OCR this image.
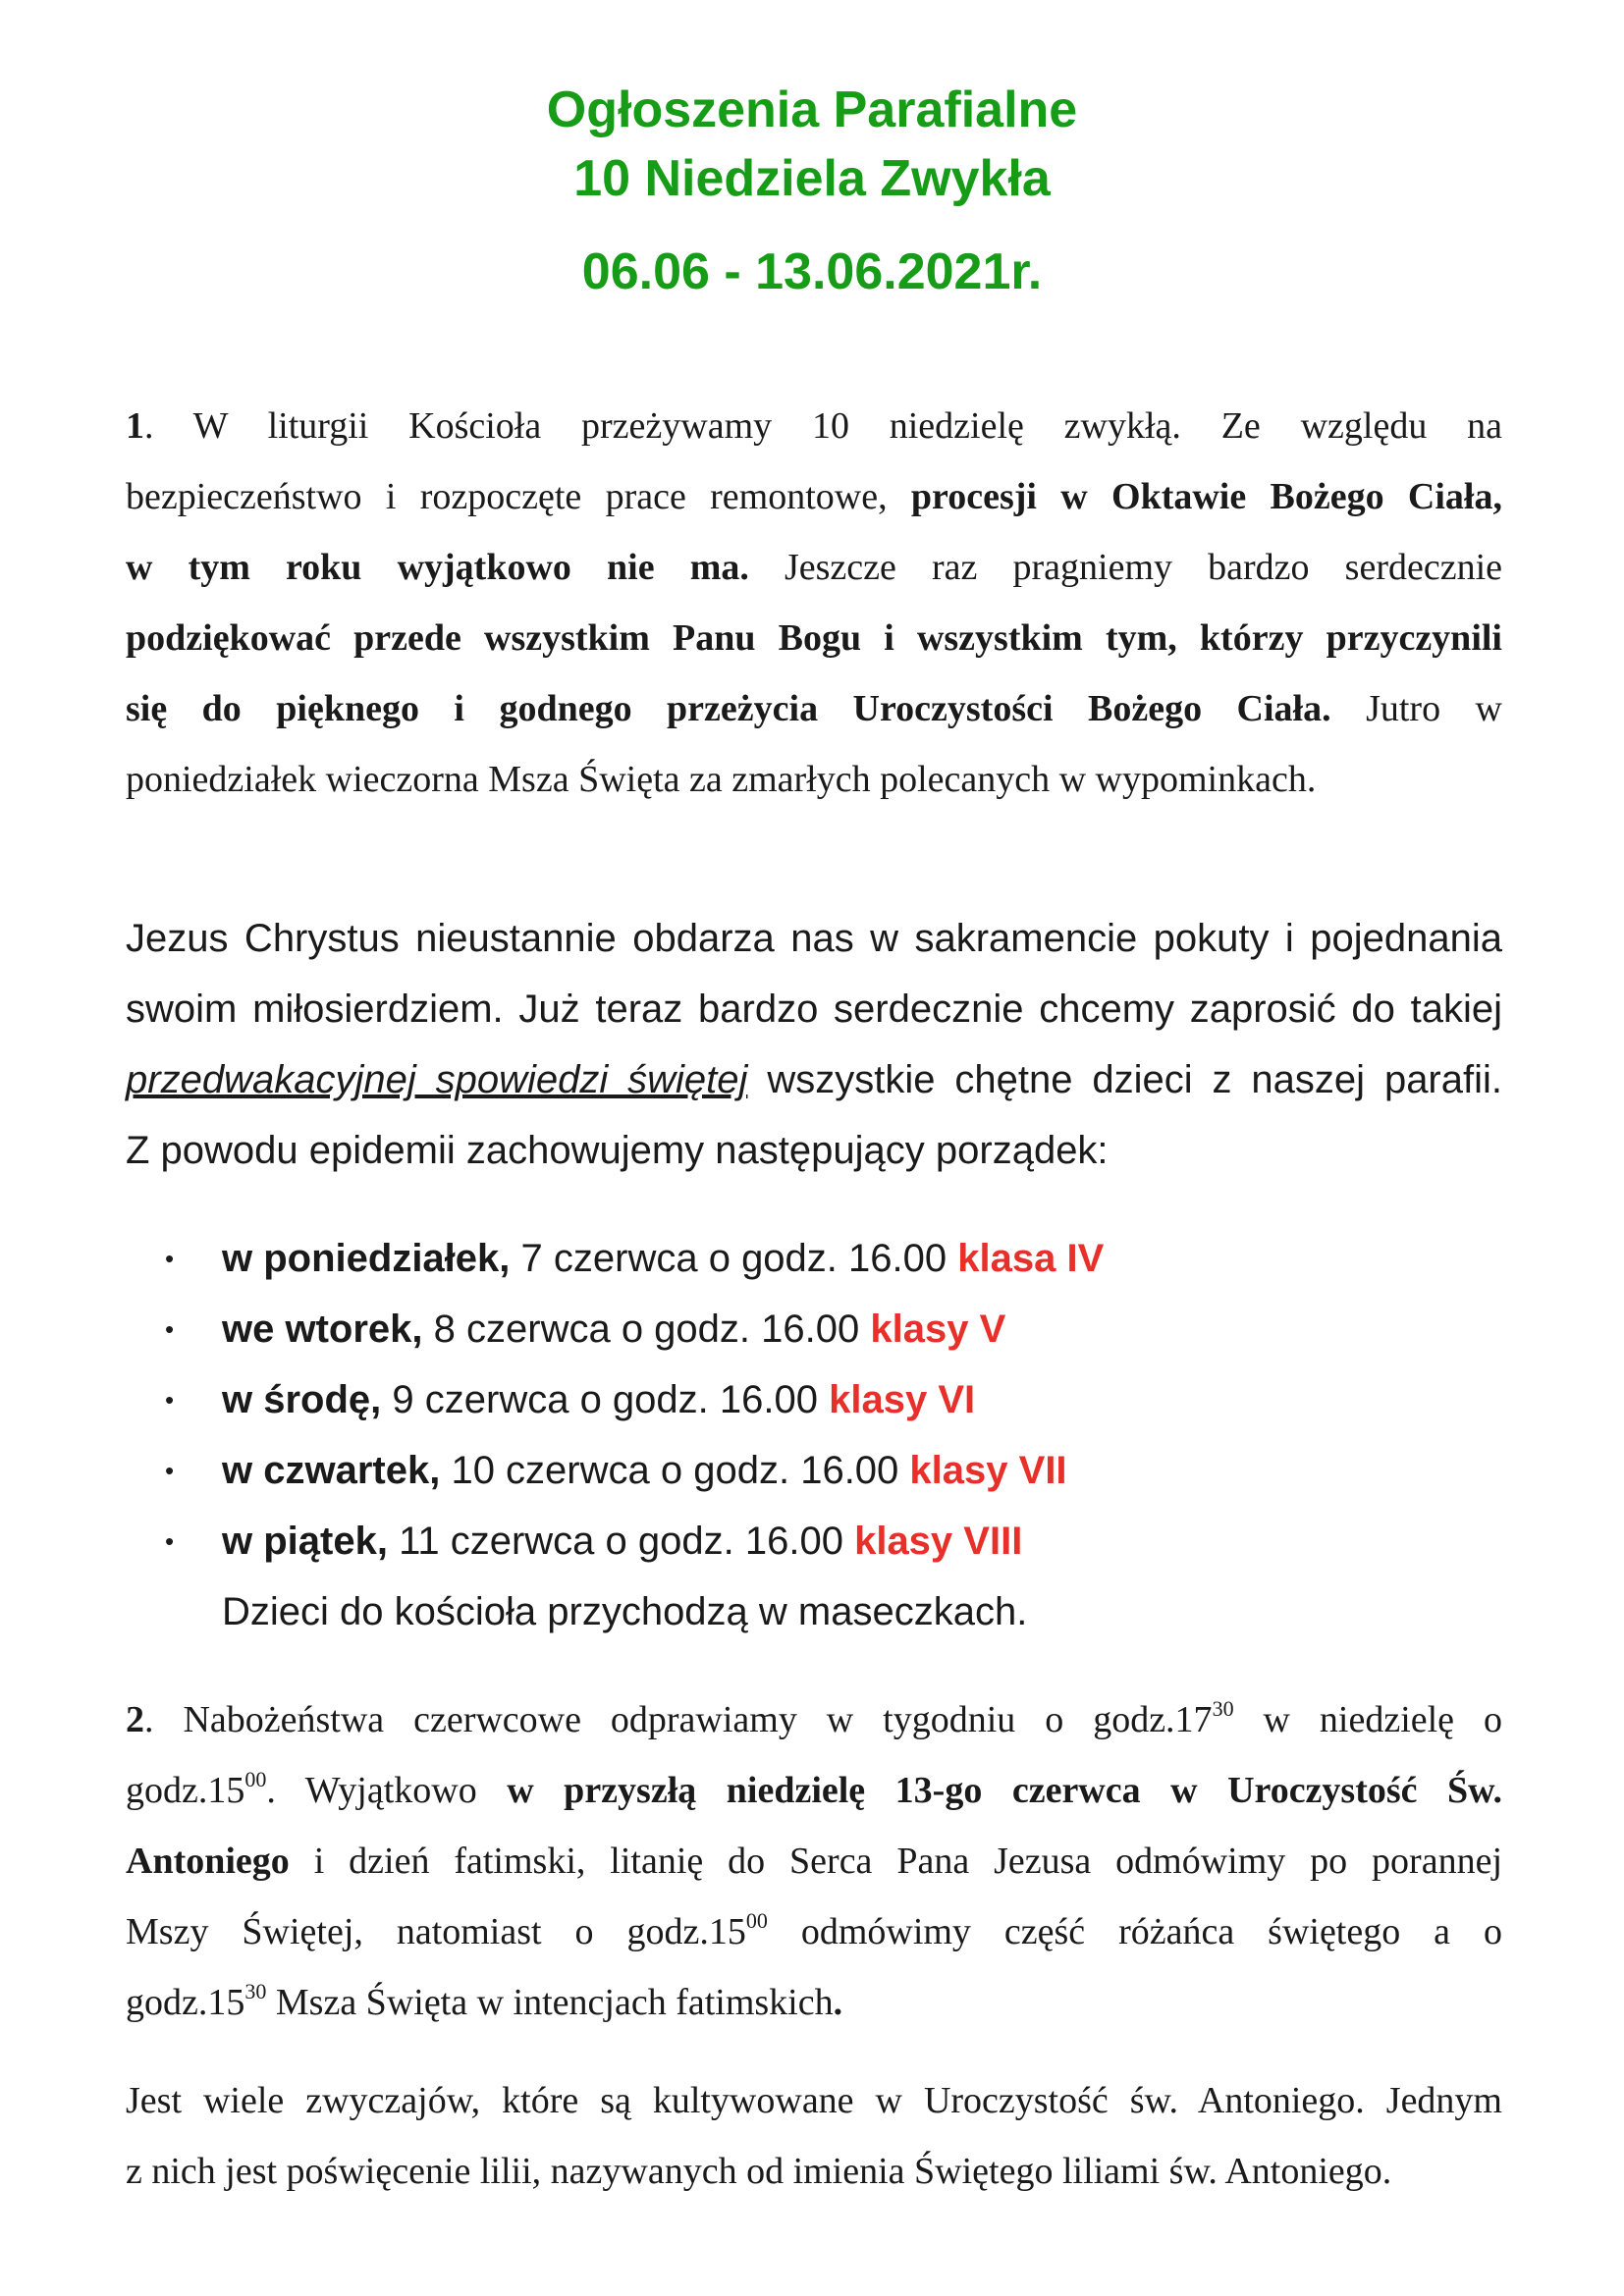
Ogłoszenia Parafialne
10 Niedziela Zwykła
06.06 - 13.06.2021r.

1. W liturgii Kościoła przeżywamy 10 niedzielę zwykłą. Ze względu na
bezpieczeństwo i rozpoczęte prace remontowe, procesji w Oktawie Bożego Ciała,
w tym roku wyjątkowo nie ma. Jeszcze raz pragniemy bardzo serdecznie
podziękować przede wszystkim Panu Bogu i wszystkim tym, którzy przyczynili
się do pięknego i godnego przeżycia Uroczystości Bożego Ciała. Jutro w
poniedziałek wieczorna Msza Święta za zmarłych polecanych w wypominkach.

Jezus Chrystus nieustannie obdarza nas w sakramencie pokuty i pojednania
swoim miłosierdziem. Już teraz bardzo serdecznie chcemy zaprosić do takiej
przedwakacyjnej spowiedzi świętej wszystkie chętne dzieci z naszej parafii.
Z powodu epidemii zachowujemy następujący porządek:

• w poniedziałek, 7 czerwca o godz. 16.00 klasa IV
• we wtorek, 8 czerwca o godz. 16.00 klasy V
• w środę, 9 czerwca o godz. 16.00 klasy VI
• w czwartek, 10 czerwca o godz. 16.00 klasy VII
• w piątek, 11 czerwca o godz. 16.00 klasy VIII
Dzieci do kościoła przychodzą w maseczkach.

2. Nabożeństwa czerwcowe odprawiamy w tygodniu o $godz.17^{30}$ w niedzielę o
$godz.15^{00}$. Wyjątkowo w przyszłą niedzielę 13-go czerwca w Uroczystość Św.
Antoniego i dzień fatimski, litanię do Serca Pana Jezusa odmówimy po porannej
Mszy Świętej, natomiast o $godz.15^{00}$ odmówimy część różańca świętego a o
$godz.15^{30}$ Msza Święta w intencjach fatimskich.

Jest wiele zwyczajów, które są kultywowane w Uroczystość św. Antoniego. Jednym
z nich jest poświęcenie lilii, nazywanych od imienia Świętego liliami św. Antoniego.
